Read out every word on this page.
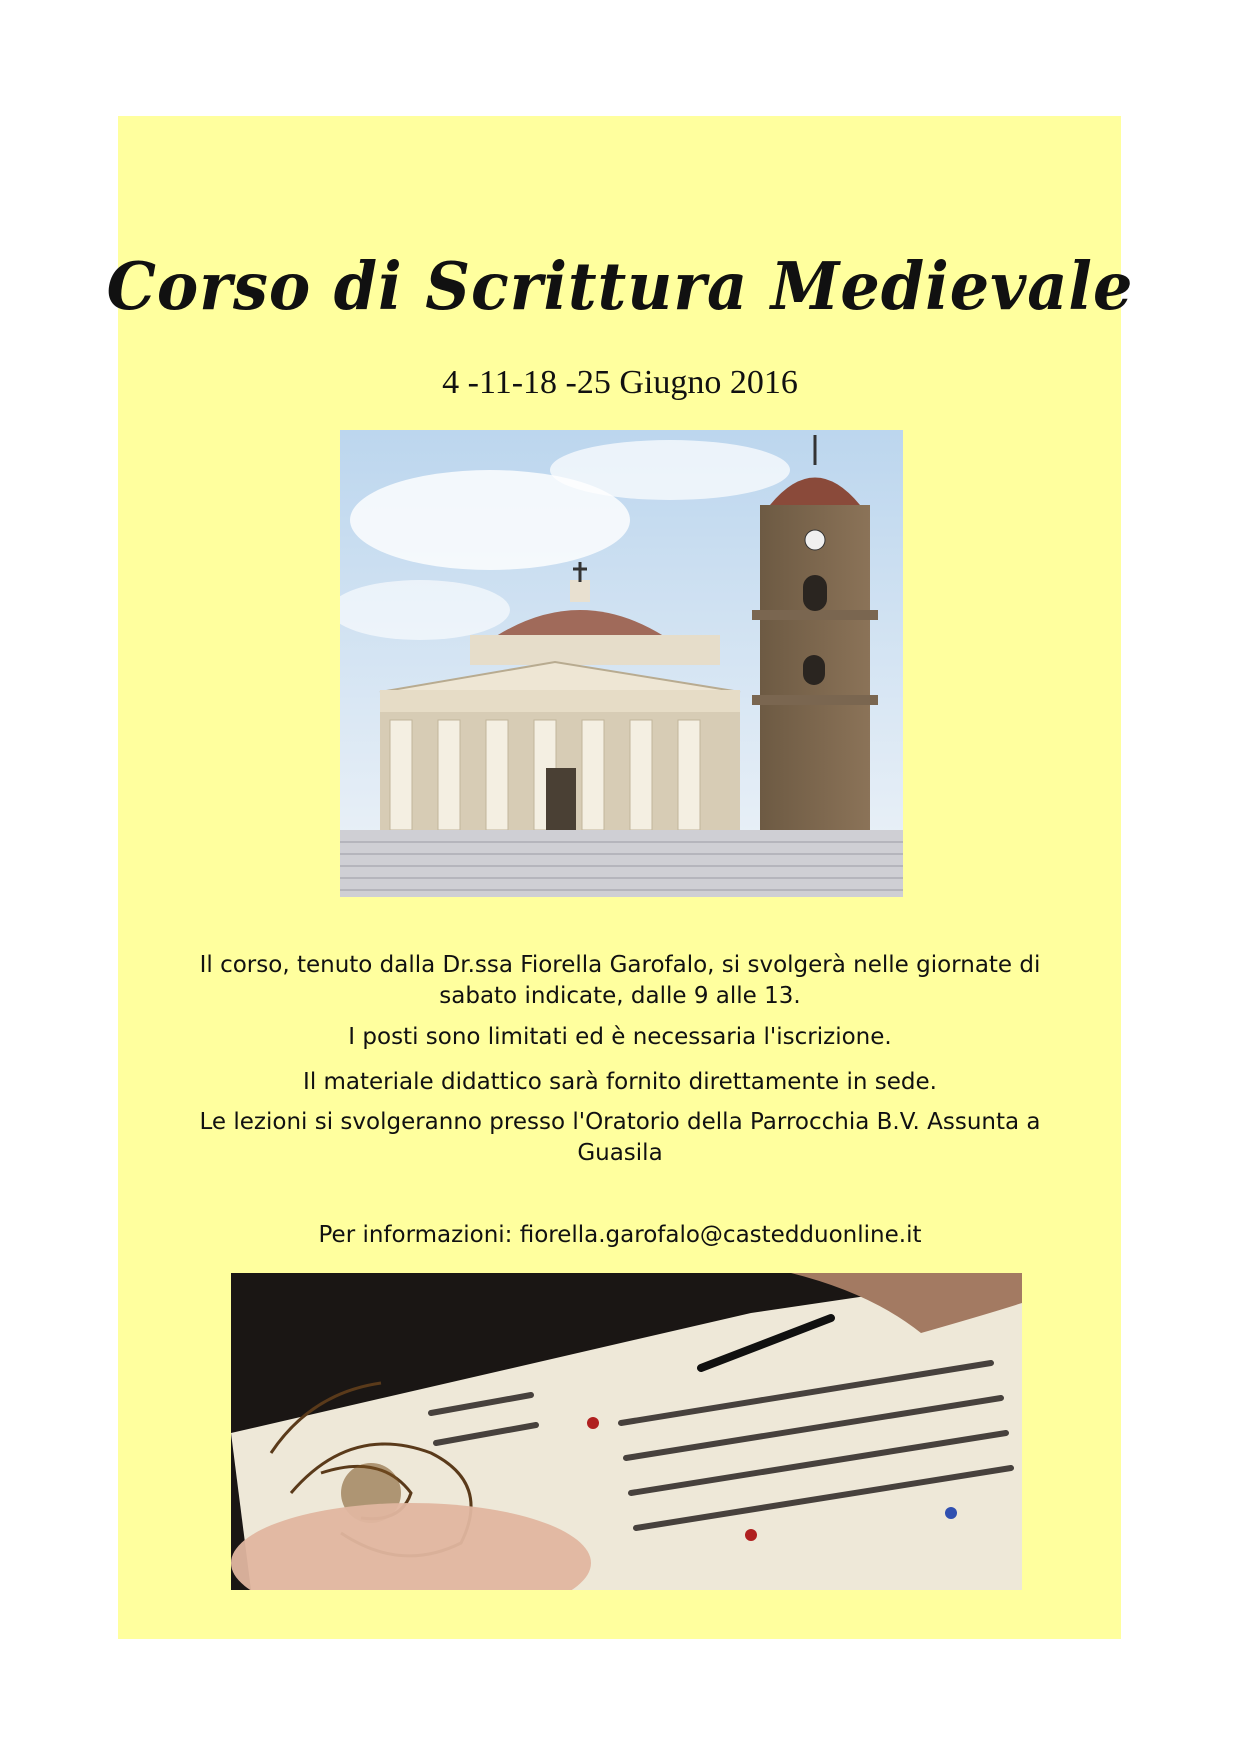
Corso di Scrittura Medievale
4 -11-18 -25 Giugno 2016
Il corso, tenuto dalla Dr.ssa Fiorella Garofalo, si svolgerà nelle giornate di sabato indicate, dalle 9 alle 13.
I posti sono limitati ed è necessaria l'iscrizione.
Il materiale didattico sarà fornito direttamente in sede.
Le lezioni si svolgeranno presso l'Oratorio della Parrocchia B.V. Assunta a Guasila
Per informazioni: fiorella.garofalo@castedduonline.it
